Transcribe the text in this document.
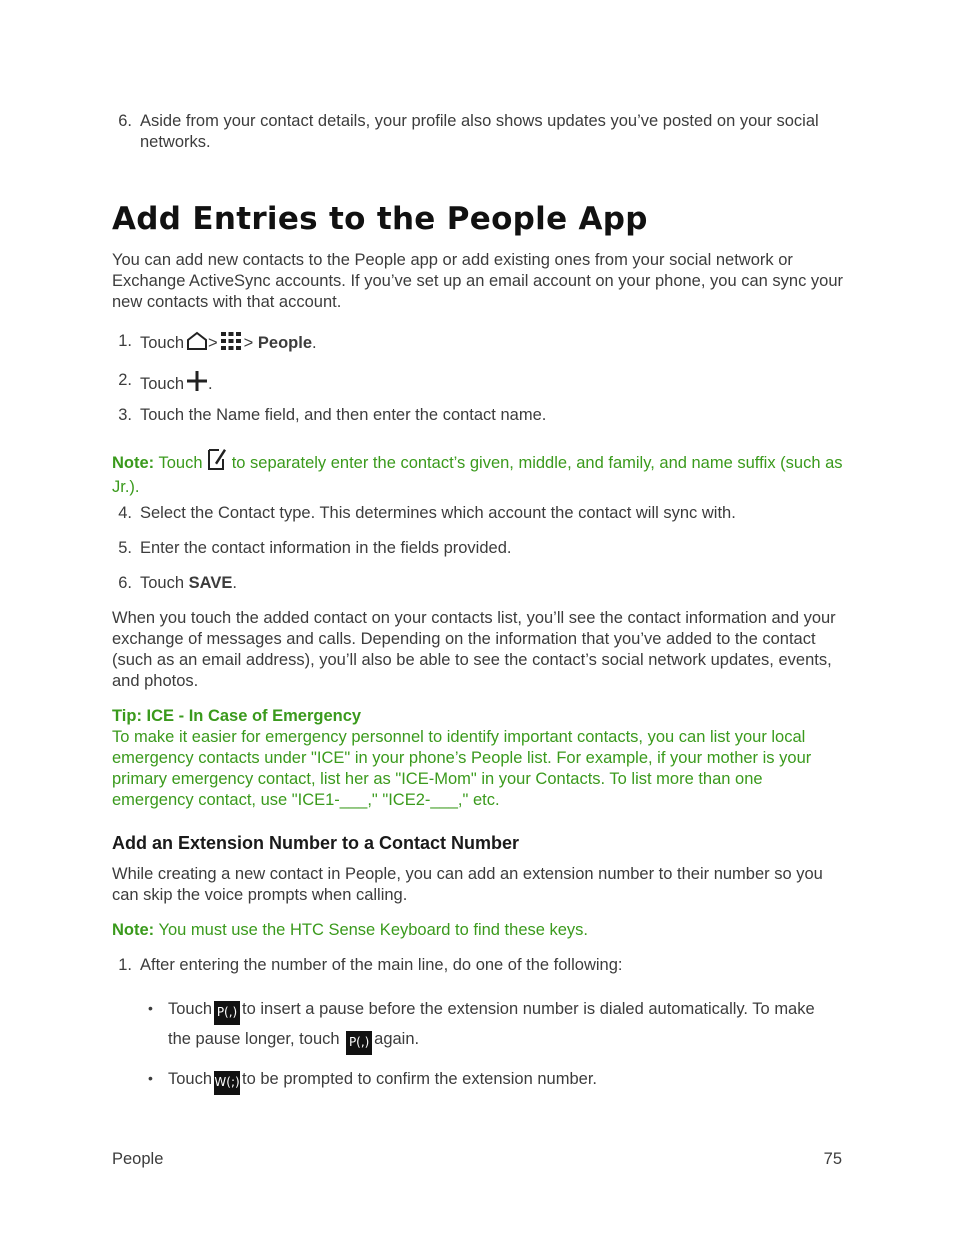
6. Aside from your contact details, your profile also shows updates you’ve posted on your social networks.
Add Entries to the People App
You can add new contacts to the People app or add existing ones from your social network or Exchange ActiveSync accounts. If you’ve set up an email account on your phone, you can sync your new contacts with that account.
1. Touch > > People.
2. Touch .
3. Touch the Name field, and then enter the contact name.
Note: Touch to separately enter the contact’s given, middle, and family, and name suffix (such as Jr.).
4. Select the Contact type. This determines which account the contact will sync with.
5. Enter the contact information in the fields provided.
6. Touch SAVE.
When you touch the added contact on your contacts list, you’ll see the contact information and your exchange of messages and calls. Depending on the information that you’ve added to the contact (such as an email address), you’ll also be able to see the contact’s social network updates, events, and photos.
Tip: ICE - In Case of Emergency
To make it easier for emergency personnel to identify important contacts, you can list your local emergency contacts under "ICE" in your phone’s People list. For example, if your mother is your primary emergency contact, list her as "ICE-Mom" in your Contacts. To list more than one emergency contact, use "ICE1-___," "ICE2-___," etc.
Add an Extension Number to a Contact Number
While creating a new contact in People, you can add an extension number to their number so you can skip the voice prompts when calling.
Note: You must use the HTC Sense Keyboard to find these keys.
1. After entering the number of the main line, do one of the following:
• Touch P(,) to insert a pause before the extension number is dialed automatically. To make the pause longer, touch P(,) again.
• Touch W(;) to be prompted to confirm the extension number.
People	75
